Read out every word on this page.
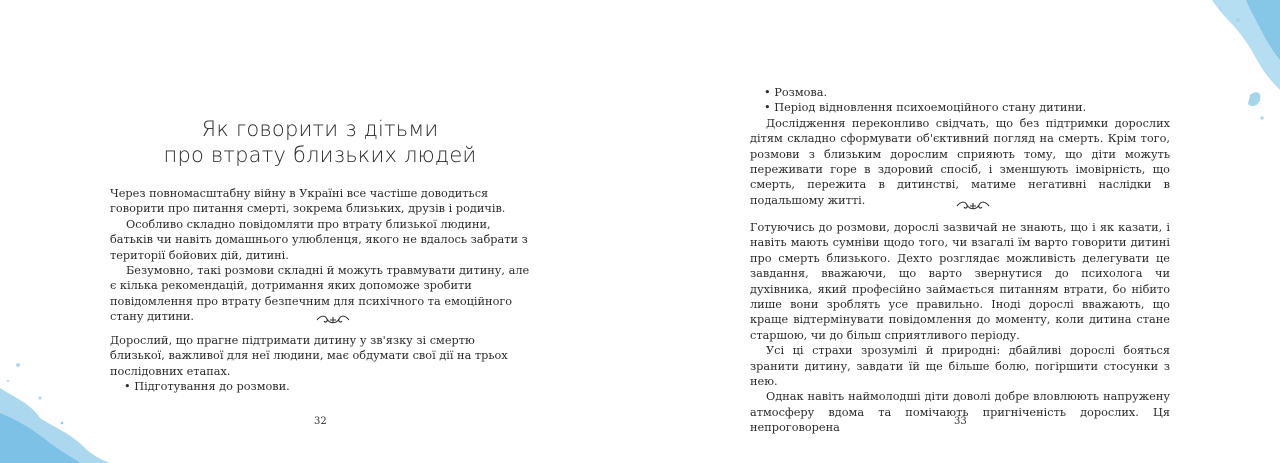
Як говорити з дітьми
про втрату близьких людей

Через повномасштабну війну в Україні все частіше доводиться говорити про питання смерті, зокрема близьких, друзів і родичів.

Особливо складно повідомляти про втрату близької людини, батьків чи навіть домашнього улюбленця, якого не вдалось забрати з території бойових дій, дитині.

Безумовно, такі розмови складні й можуть травмувати дитину, але є кілька рекомендацій, дотримання яких допоможе зробити повідомлення про втрату безпечним для психічного та емоційного стану дитини.

Дорослий, що прагне підтримати дитину у зв'язку зі смертю близької, важливої для неї людини, має обдумати свої дії на трьох послідовних етапах.

• Підготування до розмови.

32

• Розмова.

• Період відновлення психоемоційного стану дитини.

Дослідження переконливо свідчать, що без підтримки дорослих дітям складно сформувати об'єктивний погляд на смерть. Крім того, розмови з близьким дорослим сприяють тому, що діти можуть переживати горе в здоровий спосіб, і зменшують імовірність, що смерть, пережита в дитинстві, матиме негативні наслідки в подальшому житті.

Готуючись до розмови, дорослі зазвичай не знають, що і як казати, і навіть мають сумніви щодо того, чи взагалі їм варто говорити дитині про смерть близького. Дехто розглядає можливість делегувати це завдання, вважаючи, що варто звернутися до психолога чи духівника, який професійно займається питанням втрати, бо нібито лише вони зроблять усе правильно. Іноді дорослі вважають, що краще відтермінувати повідомлення до моменту, коли дитина стане старшою, чи до більш сприятливого періоду.

Усі ці страхи зрозумілі й природні: дбайливі дорослі бояться зранити дитину, завдати їй ще більше болю, погіршити стосунки з нею.

Однак навіть наймолодші діти доволі добре вловлюють напружену атмосферу вдома та помічають пригніченість дорослих. Ця непроговорена	33
